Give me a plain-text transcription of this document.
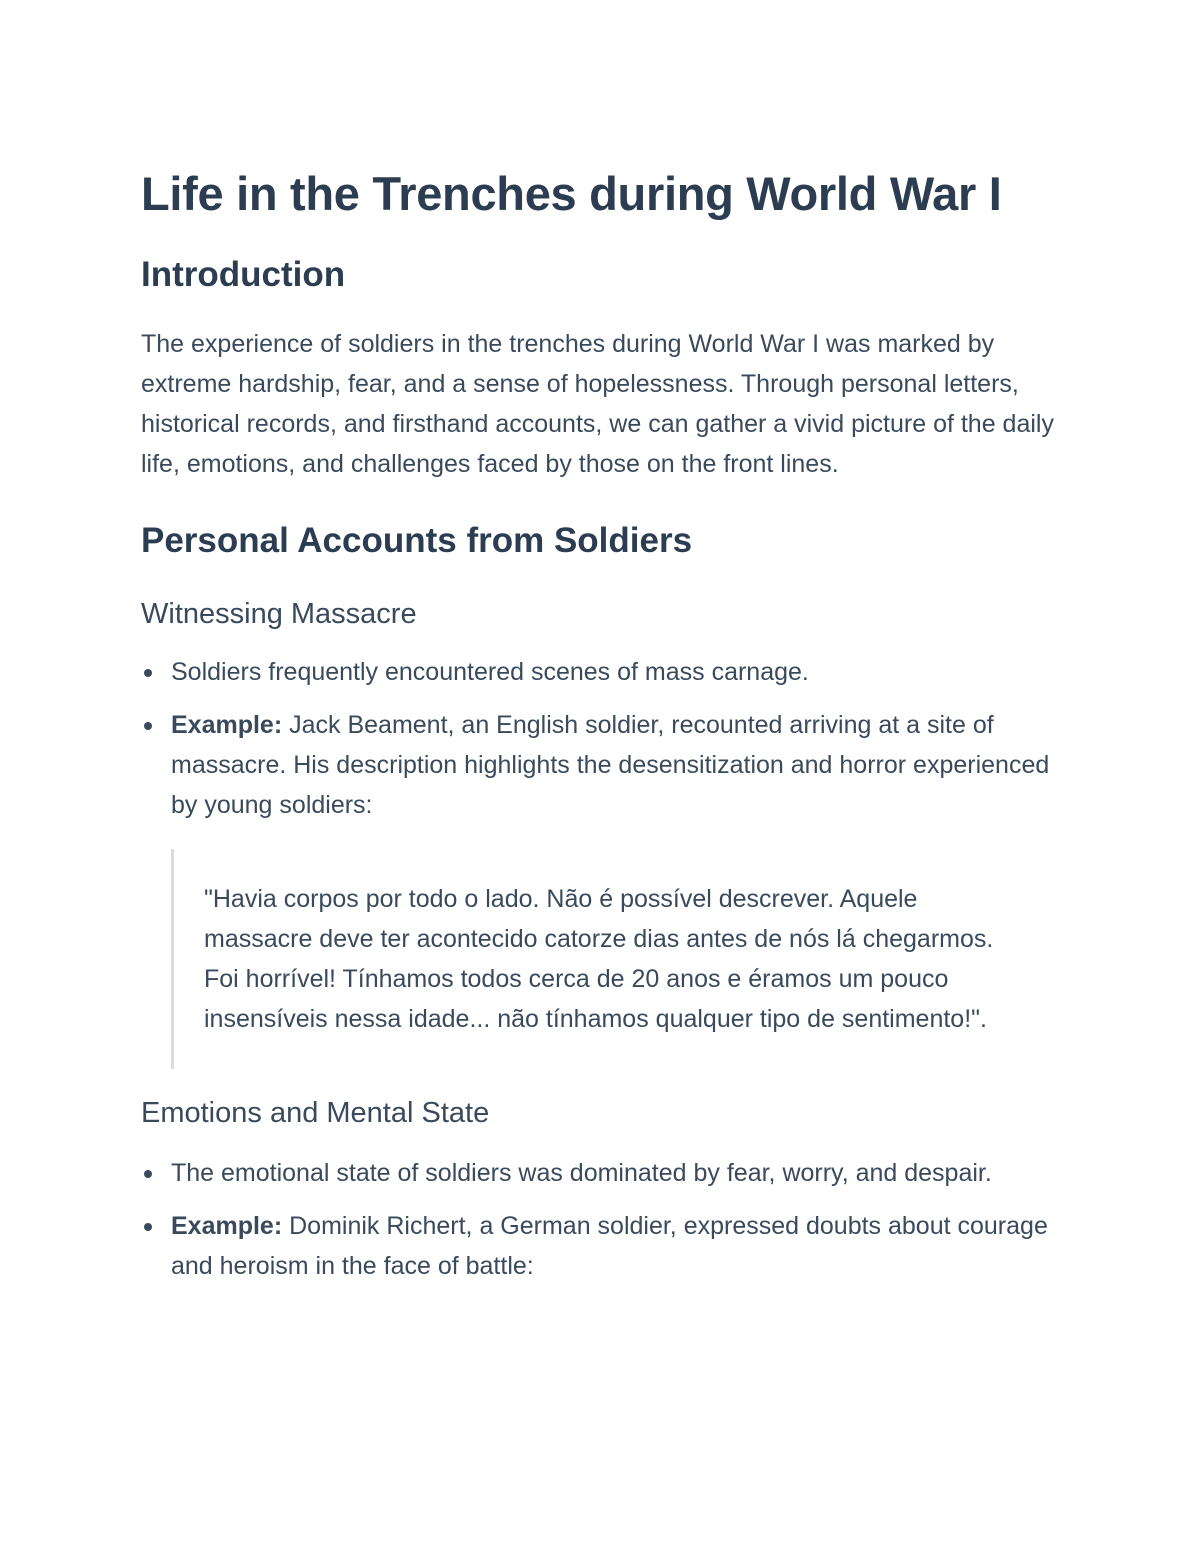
Life in the Trenches during World War I
Introduction

The experience of soldiers in the trenches during World War I was marked by extreme hardship, fear, and a sense of hopelessness. Through personal letters, historical records, and firsthand accounts, we can gather a vivid picture of the daily life, emotions, and challenges faced by those on the front lines.

Personal Accounts from Soldiers
Witnessing Massacre
Soldiers frequently encountered scenes of mass carnage.
Example: Jack Beament, an English soldier, recounted arriving at a site of massacre. His description highlights the desensitization and horror experienced by young soldiers:
"Havia corpos por todo o lado. Não é possível descrever. Aquele massacre deve ter acontecido catorze dias antes de nós lá chegarmos. Foi horrível! Tínhamos todos cerca de 20 anos e éramos um pouco insensíveis nessa idade... não tínhamos qualquer tipo de sentimento!".
Emotions and Mental State
The emotional state of soldiers was dominated by fear, worry, and despair.
Example: Dominik Richert, a German soldier, expressed doubts about courage and heroism in the face of battle:
